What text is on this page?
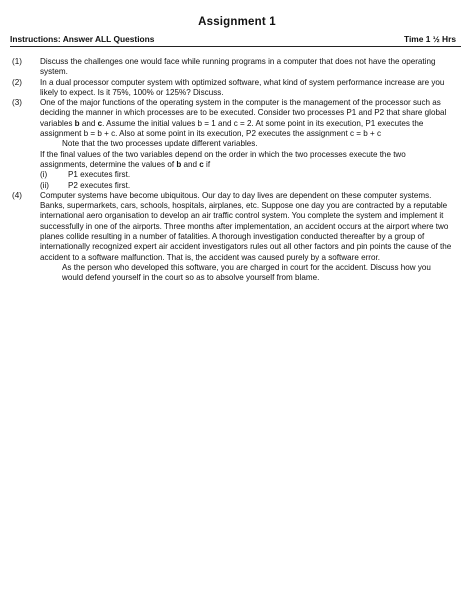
Assignment 1
Instructions: Answer ALL Questions	Time 1 ½ Hrs
(1) Discuss the challenges one would face while running programs in a computer that does not have the operating system.

(2) In a dual processor computer system with optimized software, what kind of system performance increase are you likely to expect. Is it 75%, 100% or 125%? Discuss.

(3) One of the major functions of the operating system in the computer is the management of the processor such as deciding the manner in which processes are to be executed. Consider two processes P1 and P2 that share global variables b and c. Assume the initial values b = 1 and c = 2. At some point in its execution, P1 executes the assignment b = b + c. Also at some point in its execution, P2 executes the assignment c = b + c

Note that the two processes update different variables.

If the final values of the two variables depend on the order in which the two processes execute the two assignments, determine the values of b and c if

(i)	P1 executes first.
(ii) P2 executes first.
(4) Computer systems have become ubiquitous. Our day to day lives are dependent on these computer systems. Banks, supermarkets, cars, schools, hospitals, airplanes, etc. Suppose one day you are contracted by a reputable international aero organisation to develop an air traffic control system. You complete the system and implement it successfully in one of the airports. Three months after implementation, an accident occurs at the airport where two planes collide resulting in a number of fatalities. A thorough investigation conducted thereafter by a group of internationally recognized expert air accident investigators rules out all other factors and pin points the cause of the accident to a software malfunction. That is, the accident was caused purely by a software error.

As the person who developed this software, you are charged in court for the accident. Discuss how you would defend yourself in the court so as to absolve yourself from blame.
